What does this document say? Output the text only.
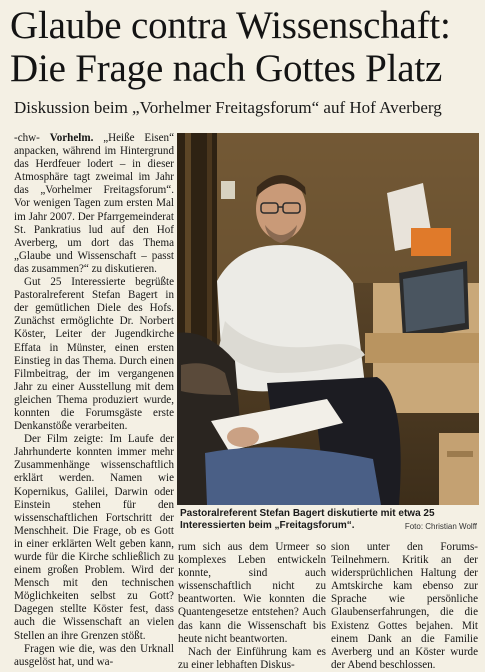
Glaube contra Wissenschaft:
Die Frage nach Gottes Platz
Diskussion beim „Vorhelmer Freitagsforum“ auf Hof Averberg

-chw- Vorhelm. „Heiße Eisen“ anpacken, während im Hintergrund das Herdfeuer lodert – in dieser Atmosphäre tagt zweimal im Jahr das „Vorhelmer Freitagsforum“. Vor wenigen Tagen zum ersten Mal im Jahr 2007. Der Pfarrgemeinderat St. Pankratius lud auf den Hof Averberg, um dort das Thema „Glaube und Wissenschaft – passt das zusammen?“ zu diskutieren.

Gut 25 Interessierte begrüßte Pastoralreferent Stefan Bagert in der gemütlichen Diele des Hofs. Zunächst ermöglichte Dr. Norbert Köster, Leiter der Jugendkirche Effata in Münster, einen ersten Einstieg in das Thema. Durch einen Filmbeitrag, der im vergangenen Jahr zu einer Ausstellung mit dem gleichen Thema produziert wurde, konnten die Forumsgäste erste Denkanstöße verarbeiten.

Der Film zeigte: Im Laufe der Jahrhunderte konnten immer mehr Zusammenhänge wissenschaftlich erklärt werden. Namen wie Kopernikus, Galilei, Darwin oder Einstein stehen für den wissenschaftlichen Fortschritt der Menschheit. Die Frage, ob es Gott in einer erklärten Welt geben kann, wurde für die Kirche schließlich zu einem großen Problem. Wird der Mensch mit den technischen Möglichkeiten selbst zu Gott? Dagegen stellte Köster fest, dass auch die Wissenschaft an vielen Stellen an ihre Grenzen stößt.

Fragen wie die, was den Urknall ausgelöst hat, und wa-

Pastoralreferent Stefan Bagert diskutierte mit etwa 25 Interessierten beim „Freitagsforum“.	Foto: Christian Wolff

rum sich aus dem Urmeer so komplexes Leben entwickeln konnte, sind auch wissenschaftlich nicht zu beantworten. Wie konnten die Quantengesetze entstehen? Auch das kann die Wissenschaft bis heute nicht beantworten.

Nach der Einführung kam es zu einer lebhaften Diskus-

sion unter den Forums-Teilnehmern. Kritik an der widersprüchlichen Haltung der Amtskirche kam ebenso zur Sprache wie persönliche Glaubenserfahrungen, die die Existenz Gottes bejahen. Mit einem Dank an die Familie Averberg und an Köster wurde der Abend beschlossen.
